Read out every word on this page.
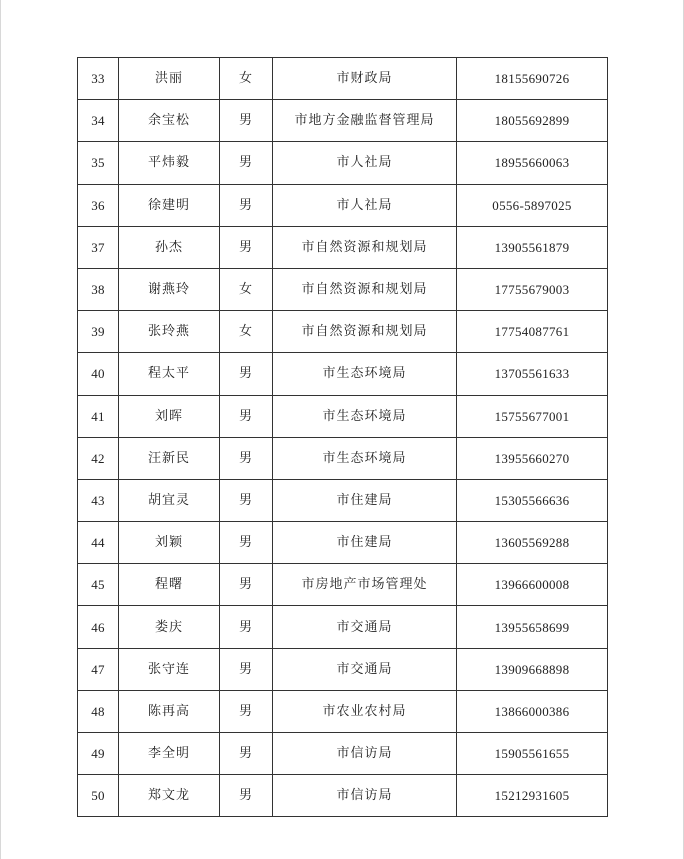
33	洪丽	女	市财政局	18155690726
34	余宝松	男	市地方金融监督管理局	18055692899
35	平炜毅	男	市人社局	18955660063
36	徐建明	男	市人社局	0556-5897025
37	孙杰	男	市自然资源和规划局	13905561879
38	谢燕玲	女	市自然资源和规划局	17755679003
39	张玲燕	女	市自然资源和规划局	17754087761
40	程太平	男	市生态环境局	13705561633
41	刘晖	男	市生态环境局	15755677001
42	汪新民	男	市生态环境局	13955660270
43	胡宜灵	男	市住建局	15305566636
44	刘颖	男	市住建局	13605569288
45	程曙	男	市房地产市场管理处	13966600008
46	娄庆	男	市交通局	13955658699
47	张守连	男	市交通局	13909668898
48	陈再高	男	市农业农村局	13866000386
49	李全明	男	市信访局	15905561655
50	郑文龙	男	市信访局	15212931605
